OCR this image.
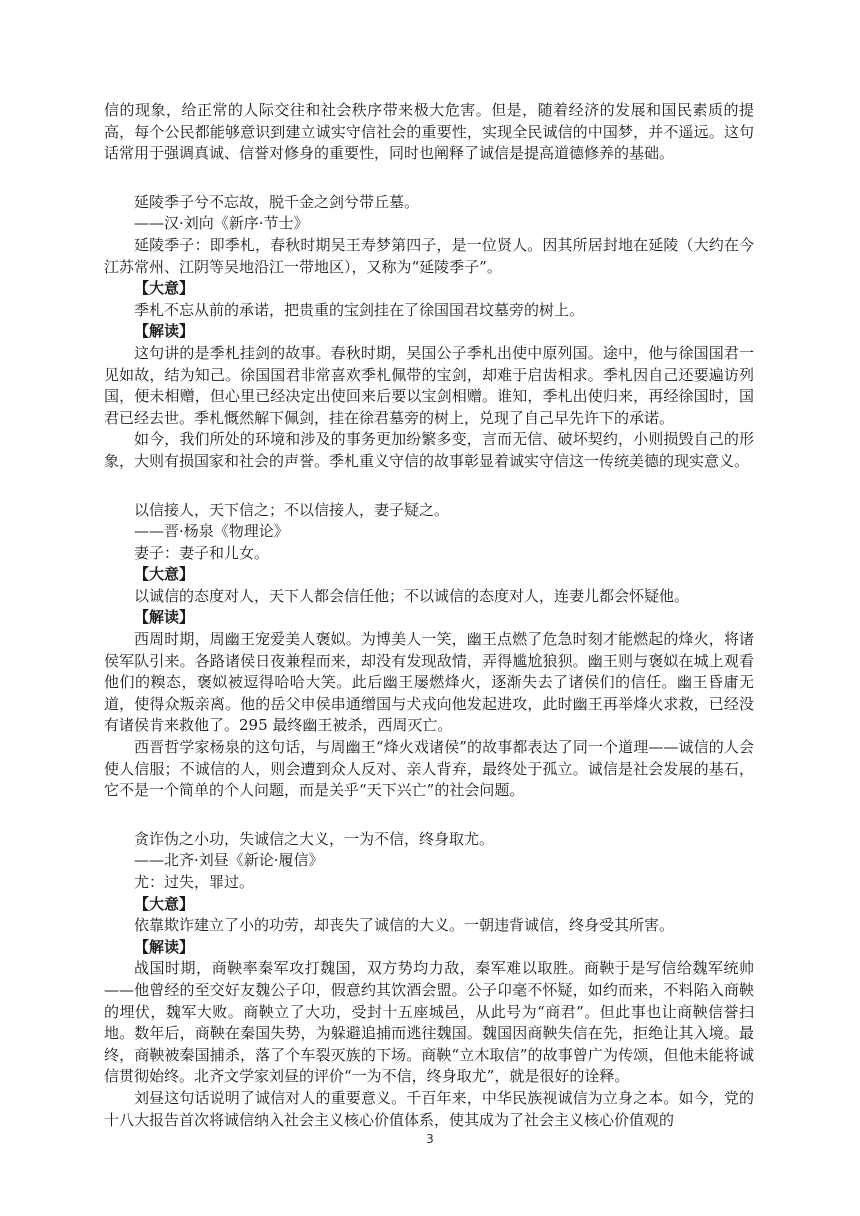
信的现象，给正常的人际交往和社会秩序带来极大危害。但是，随着经济的发展和国民素质的提高，每个公民都能够意识到建立诚实守信社会的重要性，实现全民诚信的中国梦，并不遥远。这句话常用于强调真诚、信誉对修身的重要性，同时也阐释了诚信是提高道德修养的基础。

延陵季子兮不忘故，脱千金之剑兮带丘墓。

——汉·刘向《新序·节士》

延陵季子：即季札，春秋时期吴王寿梦第四子，是一位贤人。因其所居封地在延陵（大约在今江苏常州、江阴等吴地沿江一带地区），又称为“延陵季子”。

【大意】

季札不忘从前的承诺，把贵重的宝剑挂在了徐国国君坟墓旁的树上。

【解读】

这句讲的是季札挂剑的故事。春秋时期，吴国公子季札出使中原列国。途中，他与徐国国君一见如故，结为知己。徐国国君非常喜欢季札佩带的宝剑，却难于启齿相求。季札因自己还要遍访列国，便未相赠，但心里已经决定出使回来后要以宝剑相赠。谁知，季札出使归来，再经徐国时，国君已经去世。季札慨然解下佩剑，挂在徐君墓旁的树上，兑现了自己早先许下的承诺。

如今，我们所处的环境和涉及的事务更加纷繁多变，言而无信、破坏契约，小则损毁自己的形象，大则有损国家和社会的声誉。季札重义守信的故事彰显着诚实守信这一传统美德的现实意义。

以信接人，天下信之；不以信接人，妻子疑之。

——晋·杨泉《物理论》

妻子：妻子和儿女。

【大意】

以诚信的态度对人，天下人都会信任他；不以诚信的态度对人，连妻儿都会怀疑他。

【解读】

西周时期，周幽王宠爱美人褒姒。为博美人一笑，幽王点燃了危急时刻才能燃起的烽火，将诸侯军队引来。各路诸侯日夜兼程而来，却没有发现敌情，弄得尴尬狼狈。幽王则与褒姒在城上观看他们的糗态，褒姒被逗得哈哈大笑。此后幽王屡燃烽火，逐渐失去了诸侯们的信任。幽王昏庸无道，使得众叛亲离。他的岳父申侯串通缯国与犬戎向他发起进攻，此时幽王再举烽火求救，已经没有诸侯肯来救他了。295 最终幽王被杀，西周灭亡。

西晋哲学家杨泉的这句话，与周幽王“烽火戏诸侯”的故事都表达了同一个道理——诚信的人会使人信服；不诚信的人，则会遭到众人反对、亲人背弃，最终处于孤立。诚信是社会发展的基石，它不是一个简单的个人问题，而是关乎“天下兴亡”的社会问题。

贪诈伪之小功，失诚信之大义，一为不信，终身取尤。

——北齐·刘昼《新论·履信》

尤：过失，罪过。

【大意】

依靠欺诈建立了小的功劳，却丧失了诚信的大义。一朝违背诚信，终身受其所害。

【解读】

战国时期，商鞅率秦军攻打魏国，双方势均力敌，秦军难以取胜。商鞅于是写信给魏军统帅——他曾经的至交好友魏公子卬，假意约其饮酒会盟。公子卬毫不怀疑，如约而来，不料陷入商鞅的埋伏，魏军大败。商鞅立了大功，受封十五座城邑，从此号为“商君”。但此事也让商鞅信誉扫地。数年后，商鞅在秦国失势，为躲避追捕而逃往魏国。魏国因商鞅失信在先，拒绝让其入境。最终，商鞅被秦国捕杀，落了个车裂灭族的下场。商鞅“立木取信”的故事曾广为传颂，但他未能将诚信贯彻始终。北齐文学家刘昼的评价“一为不信，终身取尤”，就是很好的诠释。

刘昼这句话说明了诚信对人的重要意义。千百年来，中华民族视诚信为立身之本。如今，党的十八大报告首次将诚信纳入社会主义核心价值体系，使其成为了社会主义核心价值观的

3
